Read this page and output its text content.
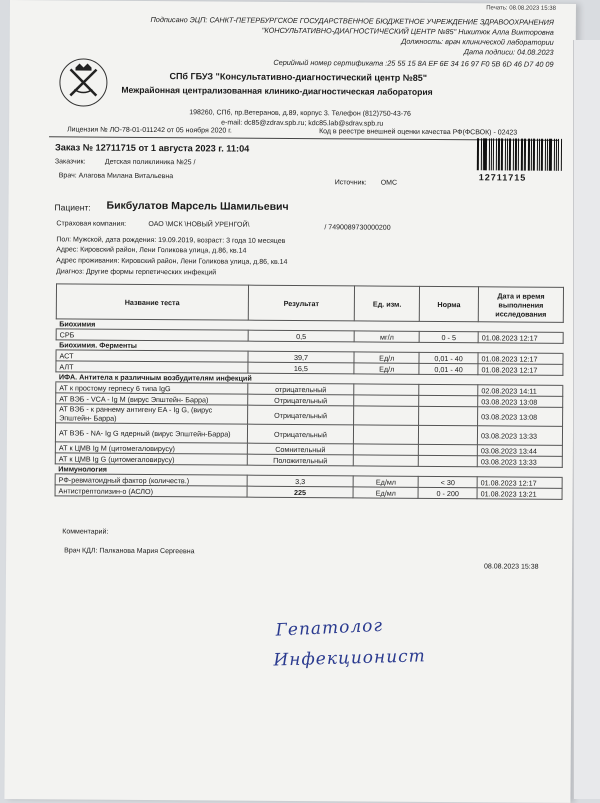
Печать: 08.08.2023 15:38
Подписано ЭЦП: САНКТ-ПЕТЕРБУРГСКОЕ ГОСУДАРСТВЕННОЕ БЮДЖЕТНОЕ УЧРЕЖДЕНИЕ ЗДРАВООХРАНЕНИЯ
"КОНСУЛЬТАТИВНО-ДИАГНОСТИЧЕСКИЙ ЦЕНТР №85" Никитюк Алла Викторовна
Должность: врач клинической лаборатории
Дата подписи: 04.08.2023
Серийный номер сертификата :25 55 15 8A EF 6E 34 16 97 F0 5B 6D 46 D7 40 09
СПб ГБУЗ "Консультативно-диагностический центр №85"
Межрайонная централизованная клинико-диагностическая лаборатория
198260, СПб, пр.Ветеранов, д.89, корпус 3. Телефон (812)750-43-76
e-mail: dc85@zdrav.spb.ru; kdc85.lab@sdrav.spb.ru
Лицензия № ЛО-78-01-011242 от 05 ноября 2020 г.	Код в реестре внешней оценки качества РФ(ФСВОК) - 02423
Заказ № 12711715 от 1 августа 2023 г. 11:04
12711715
Заказчик:	Детская поликлиника №25 /
Врач: Алагова Милана Витальевна
Источник: ОМС
Пациент: Бикбулатов Марсель Шамильевич
Страховая компания:	ОАО \МСК \НОВЫЙ УРЕНГОЙ\	/ 7490089730000200
Пол: Мужской, дата рождения: 19.09.2019, возраст: 3 года 10 месяцев
Адрес: Кировский район, Лени Голикова улица, д.86, кв.14
Адрес проживания: Кировский район, Лени Голикова улица, д.86, кв.14
Диагноз: Другие формы герпетических инфекций
Название теста	Результат	Ед. изм.	Норма	Дата и время выполнения исследования
Биохимия				
СРБ	0,5	мг/л	0 - 5	01.08.2023 12:17
Биохимия. Ферменты				
АСТ	39,7	Ед/л	0,01 - 40	01.08.2023 12:17
АЛТ	16,5	Ед/л	0,01 - 40	01.08.2023 12:17
ИФА. Антитела к различным возбудителям инфекций				
АТ к простому герпесу 6 типа IgG	отрицательный			02.08.2023 14:11
АТ ВЭБ - VCA - Ig M (вирус Эпштейн- Барра)	Отрицательный			03.08.2023 13:08
АТ ВЭБ - к раннему антигену EA - Ig G, (вирус Эпштейн- Барра)	Отрицательный			03.08.2023 13:08
АТ ВЭБ - NA- Ig G ядерный (вирус Эпштейн-Барра)	Отрицательный			03.08.2023 13:33
АТ к ЦМВ Ig M (цитомегаловирусу)	Сомнительный			03.08.2023 13:44
АТ к ЦМВ Ig G (цитомегаловирусу)	Положительный			03.08.2023 13:33
Иммунология				
РФ-ревматоидный фактор (количеств.)	3,3	Ед/мл	< 30	01.08.2023 12:17
Антистрептолизин-о (АСЛО)	225	Ед/мл	0 - 200	01.08.2023 13:21
Комментарий:
Врач КДЛ: Палканова Мария Сергеевна
08.08.2023 15:38
Гепатолог
Инфекционист
